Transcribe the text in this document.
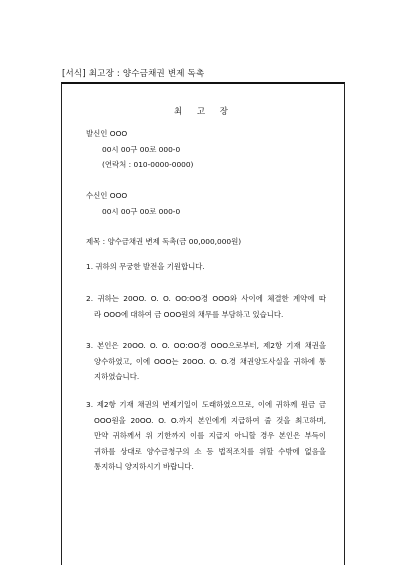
[서식] 최고장 : 양수금채권 변제 독촉
최 고 장
발신인 OOO
00시 00구 00로 000-0
(연락처 : 010-0000-0000)
수신인 OOO
00시 00구 00로 000-0
제목 : 양수금채권 변제 독촉(금 00,000,000원)
1. 귀하의 무궁한 발전을 기원합니다.
2. 귀하는 20OO. O. O. OO:OO경 OOO와 사이에 체결한 계약에 따
라 OOO에 대하여 금 OOO원의 채무를 부담하고 있습니다.
3. 본인은 20OO. O. O. OO:OO경 OOO으로부터, 제2항 기재 채권을
양수하였고, 이에 OOO는 20OO. O. O.경 채권양도사실을 귀하에 통
지하였습니다.
3. 제2항 기재 채권의 변제기일이 도래하였으므로, 이에 귀하께 원금 금
OOO원을 20OO. O. O.까지 본인에게 지급하여 줄 것을 최고하며,
만약 귀하께서 위 기한까지 이를 지급지 아니할 경우 본인은 부득이
귀하를 상대로 양수금청구의 소 등 법적조치를 위할 수밖에 없음을
통지하니 양지하시기 바랍니다.
